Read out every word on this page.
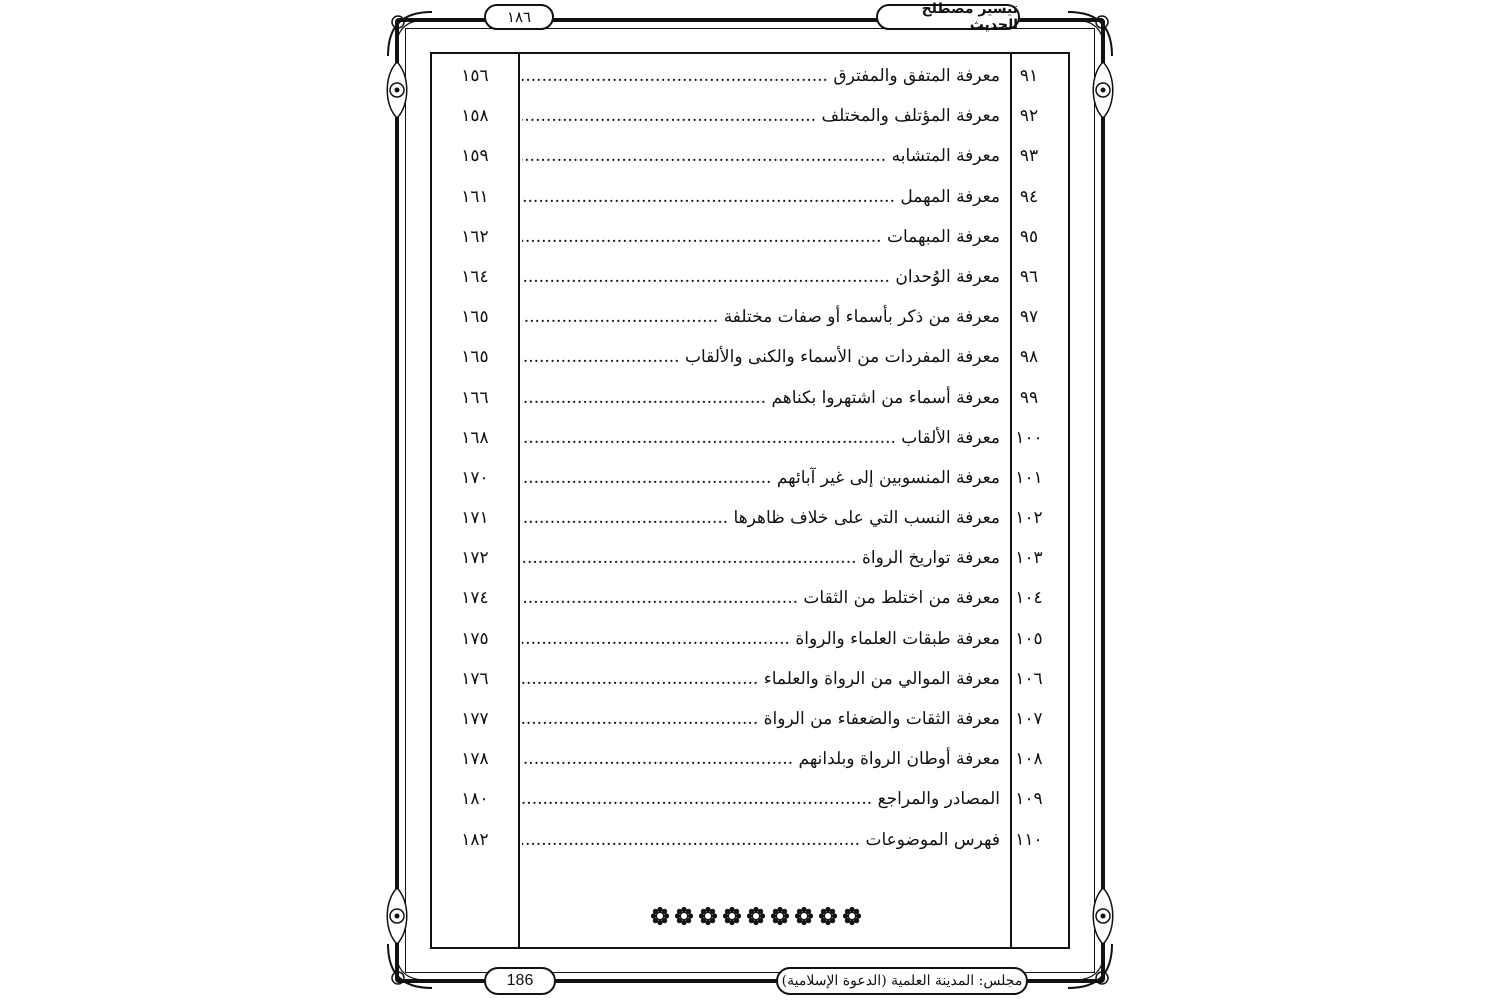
تيسير مصطلح الحديث
١٨٦
٩١
معرفة المتفق والمفترق .....
١٥٦
٩٢
معرفة المؤتلف والمختلف .....
١٥٨
٩٣
معرفة المتشابه .....
١٥٩
٩٤
معرفة المهمل .....
١٦١
٩٥
معرفة المبهمات .....
١٦٢
٩٦
معرفة الوُحدان .....
١٦٤
٩٧
معرفة من ذكر بأسماء أو صفات مختلفة .....
١٦٥
٩٨
معرفة المفردات من الأسماء والكنى والألقاب .....
١٦٥
٩٩
معرفة أسماء من اشتهروا بكناهم .....
١٦٦
١٠٠
معرفة الألقاب .....
١٦٨
١٠١
معرفة المنسوبين إلى غير آبائهم .....
١٧٠
١٠٢
معرفة النسب التي على خلاف ظاهرها .....
١٧١
١٠٣
معرفة تواريخ الرواة .....
١٧٢
١٠٤
معرفة من اختلط من الثقات .....
١٧٤
١٠٥
معرفة طبقات العلماء والرواة .....
١٧٥
١٠٦
معرفة الموالي من الرواة والعلماء .....
١٧٦
١٠٧
معرفة الثقات والضعفاء من الرواة .....
١٧٧
١٠٨
معرفة أوطان الرواة وبلدانهم .....
١٧٨
١٠٩
المصادر والمراجع .....
١٨٠
١١٠
فهرس الموضوعات .....
١٨٢
مجلس: المدينة العلمية (الدعوة الإسلامية)
186
